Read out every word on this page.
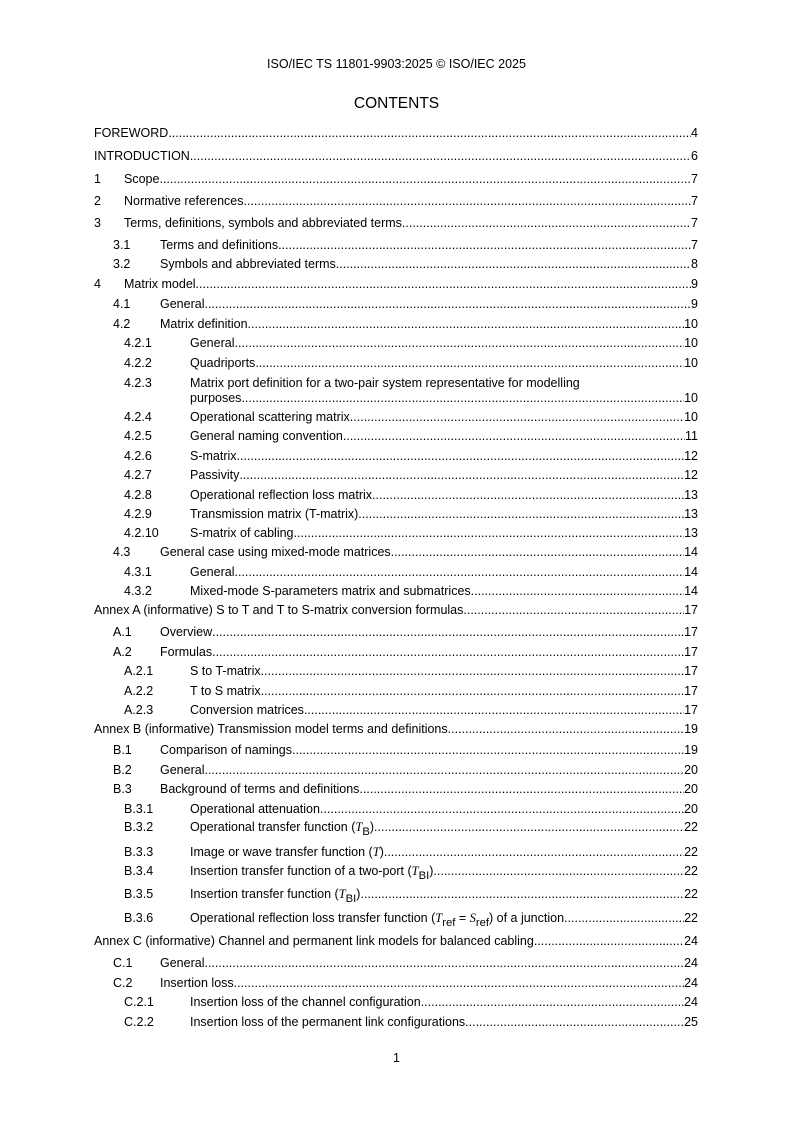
ISO/IEC TS 11801-9903:2025 © ISO/IEC 2025
CONTENTS
FOREWORD .....	4
INTRODUCTION .....	6
1 Scope .....	7
2 Normative references .....	7
3 Terms, definitions, symbols and abbreviated terms .....	7
3.1 Terms and definitions .....	7
3.2 Symbols and abbreviated terms .....	8
4 Matrix model .....	9
4.1 General .....	9
4.2 Matrix definition .....	10
4.2.1	General .....	10
4.2.2	Quadriports .....	10
4.2.3	Matrix port definition for a two-pair system representative for modelling
purposes .....	10
4.2.4	Operational scattering matrix .....	10
4.2.5	General naming convention .....	11
4.2.6	S-matrix .....	12
4.2.7	Passivity .....	12
4.2.8	Operational reflection loss matrix .....	13
4.2.9	Transmission matrix (T-matrix) .....	13
4.2.10 S-matrix of cabling .....	13
4.3 General case using mixed-mode matrices .....	14
4.3.1	General .....	14
4.3.2	Mixed-mode S-parameters matrix and submatrices .....	14
Annex A (informative) S to T and T to S-matrix conversion formulas .....	17
A.1 Overview .....	17
A.2 Formulas .....	17
A.2.1	S to T-matrix .....	17
A.2.2	T to S matrix .....	17
A.2.3	Conversion matrices .....	17
Annex B (informative) Transmission model terms and definitions .....	19
B.1 Comparison of namings .....	19
B.2 General .....	20
B.3 Background of terms and definitions .....	20
B.3.1	Operational attenuation .....	20
B.3.2	Operational transfer function $(T_B)$ .....	22
B.3.3	Image or wave transfer function (T) .....	22
B.3.4	Insertion transfer function of a two-port $(T_{BI})$ .....	22
B.3.5	Insertion transfer function $(T_{BI})$ .....	22
B.3.6	Operational reflection loss transfer function $(T_{ref} = S_{ref})$ of a junction .....	22
Annex C (informative) Channel and permanent link models for balanced cabling .....	24
C.1 General .....	24
C.2 Insertion loss .....	24
C.2.1	Insertion loss of the channel configuration .....	24
C.2.2	Insertion loss of the permanent link configurations .....	25
1
